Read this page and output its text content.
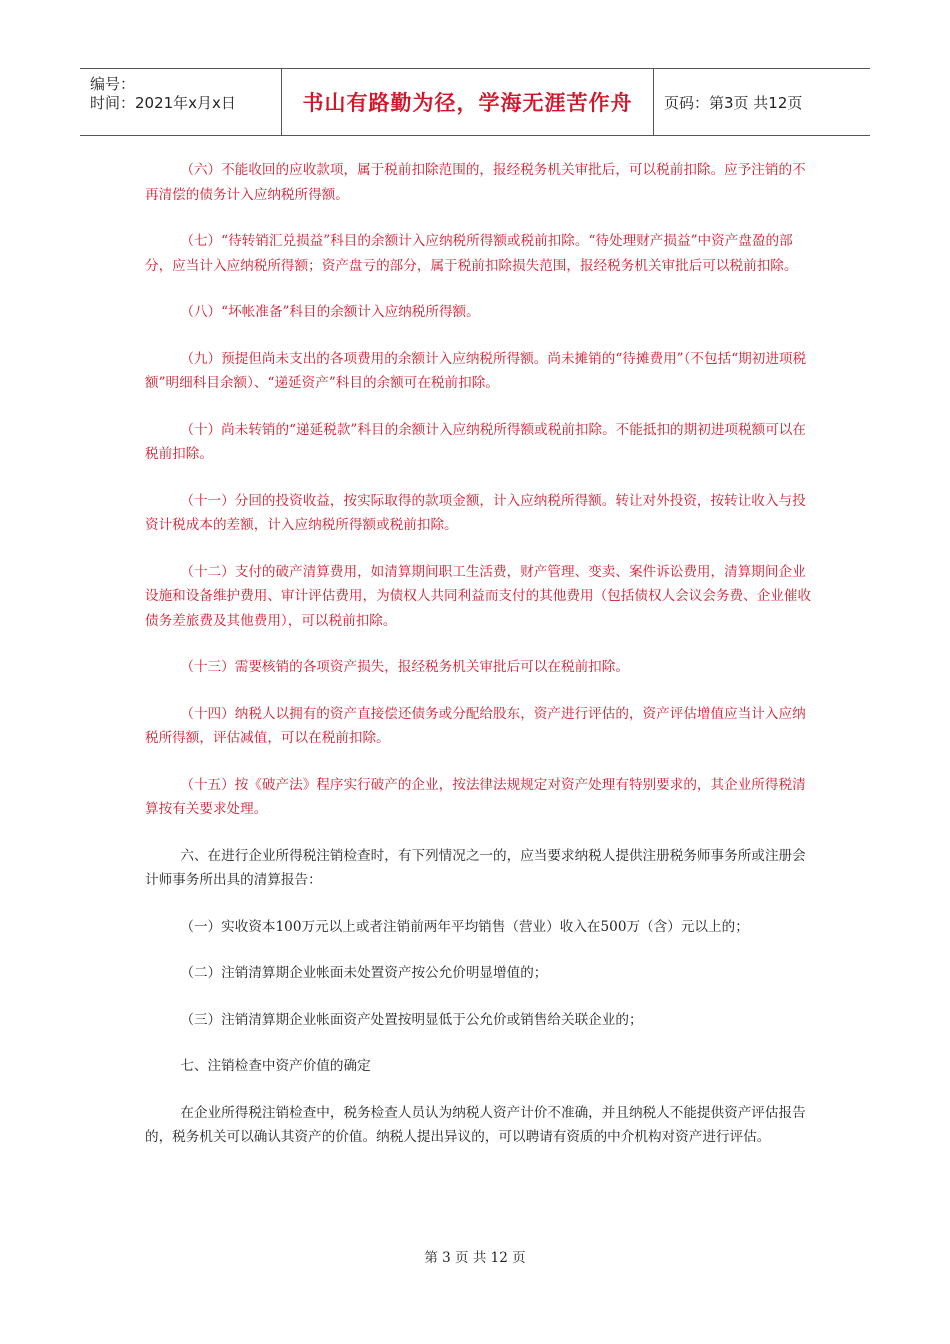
编号：
时间：2021年x月x日	书山有路勤为径，学海无涯苦作舟 页码：第3页 共12页

（六）不能收回的应收款项，属于税前扣除范围的，报经税务机关审批后，可以税前扣除。应予注销的不再清偿的债务计入应纳税所得额。

（七）“待转销汇兑损益”科目的余额计入应纳税所得额或税前扣除。“待处理财产损益”中资产盘盈的部分，应当计入应纳税所得额；资产盘亏的部分，属于税前扣除损失范围，报经税务机关审批后可以税前扣除。

（八）“坏帐准备”科目的余额计入应纳税所得额。

（九）预提但尚未支出的各项费用的余额计入应纳税所得额。尚未摊销的“待摊费用”（不包括“期初进项税额”明细科目余额）、“递延资产”科目的余额可在税前扣除。

（十）尚未转销的“递延税款”科目的余额计入应纳税所得额或税前扣除。不能抵扣的期初进项税额可以在税前扣除。

（十一）分回的投资收益，按实际取得的款项金额，计入应纳税所得额。转让对外投资，按转让收入与投资计税成本的差额，计入应纳税所得额或税前扣除。

（十二）支付的破产清算费用，如清算期间职工生活费，财产管理、变卖、案件诉讼费用，清算期间企业设施和设备维护费用、审计评估费用，为债权人共同利益而支付的其他费用（包括债权人会议会务费、企业催收债务差旅费及其他费用），可以税前扣除。

（十三）需要核销的各项资产损失，报经税务机关审批后可以在税前扣除。

（十四）纳税人以拥有的资产直接偿还债务或分配给股东，资产进行评估的，资产评估增值应当计入应纳税所得额，评估减值，可以在税前扣除。

（十五）按《破产法》程序实行破产的企业，按法律法规规定对资产处理有特别要求的，其企业所得税清算按有关要求处理。

六、在进行企业所得税注销检查时，有下列情况之一的，应当要求纳税人提供注册税务师事务所或注册会计师事务所出具的清算报告：

（一）实收资本100万元以上或者注销前两年平均销售（营业）收入在500万（含）元以上的；

（二）注销清算期企业帐面未处置资产按公允价明显增值的；

（三）注销清算期企业帐面资产处置按明显低于公允价或销售给关联企业的；

七、注销检查中资产价值的确定

在企业所得税注销检查中，税务检查人员认为纳税人资产计价不准确，并且纳税人不能提供资产评估报告的，税务机关可以确认其资产的价值。纳税人提出异议的，可以聘请有资质的中介机构对资产进行评估。

第 3 页 共 12 页
